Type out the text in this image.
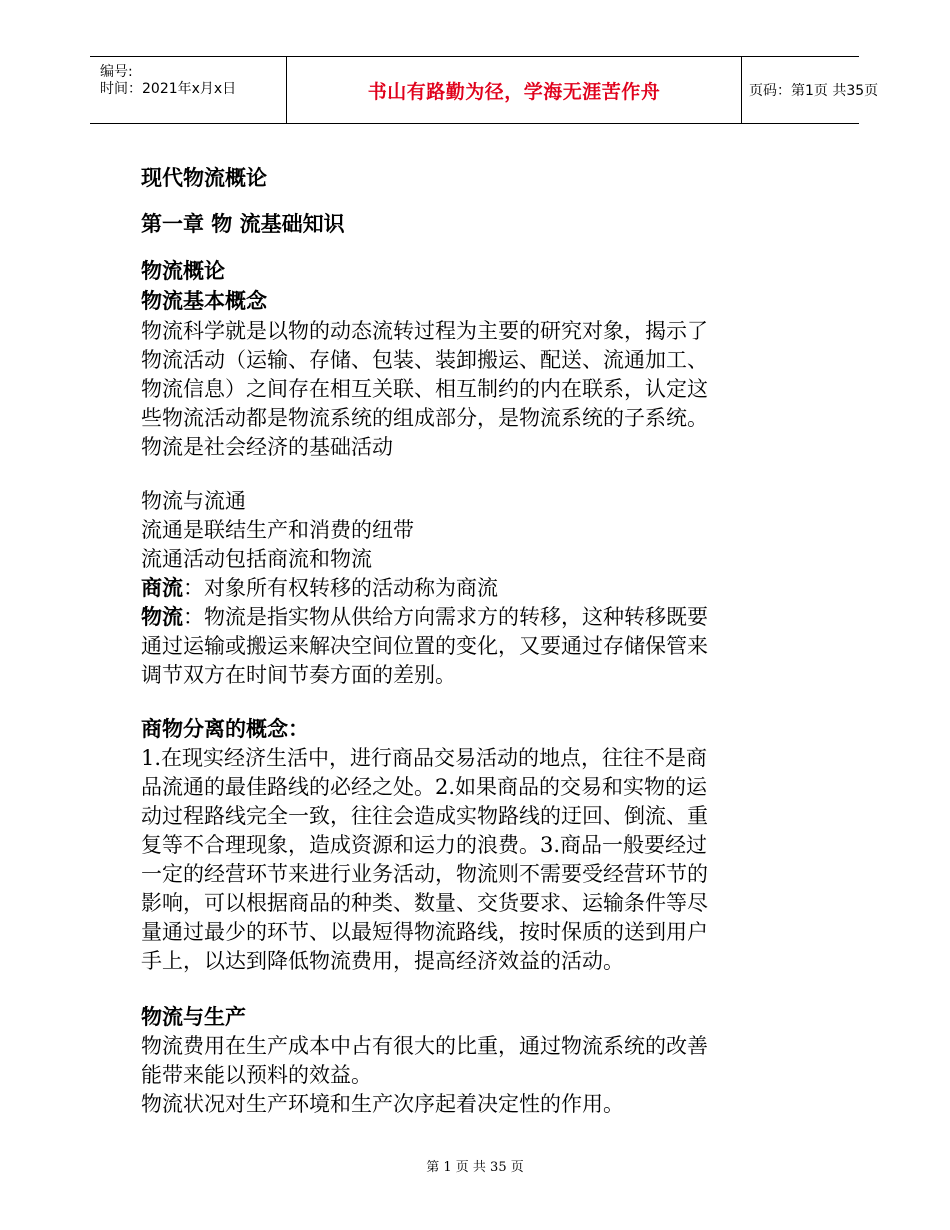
编号:
时间：2021年x月x日	书山有路勤为径，学海无涯苦作舟	页码：第1页 共35页
现代物流概论
第一章 物 流基础知识
物流概论
物流基本概念
物流科学就是以物的动态流转过程为主要的研究对象，揭示了
物流活动（运输、存储、包装、装卸搬运、配送、流通加工、
物流信息）之间存在相互关联、相互制约的内在联系，认定这
些物流活动都是物流系统的组成部分，是物流系统的子系统。
物流是社会经济的基础活动
物流与流通
流通是联结生产和消费的纽带
流通活动包括商流和物流
商流：对象所有权转移的活动称为商流
物流：物流是指实物从供给方向需求方的转移，这种转移既要
通过运输或搬运来解决空间位置的变化，又要通过存储保管来
调节双方在时间节奏方面的差别。
商物分离的概念：
1.在现实经济生活中，进行商品交易活动的地点，往往不是商
品流通的最佳路线的必经之处。2.如果商品的交易和实物的运
动过程路线完全一致，往往会造成实物路线的迂回、倒流、重
复等不合理现象，造成资源和运力的浪费。3.商品一般要经过
一定的经营环节来进行业务活动，物流则不需要受经营环节的
影响，可以根据商品的种类、数量、交货要求、运输条件等尽
量通过最少的环节、以最短得物流路线，按时保质的送到用户
手上，以达到降低物流费用，提高经济效益的活动。
物流与生产
物流费用在生产成本中占有很大的比重，通过物流系统的改善
能带来能以预料的效益。
物流状况对生产环境和生产次序起着决定性的作用。
第 1 页 共 35 页
